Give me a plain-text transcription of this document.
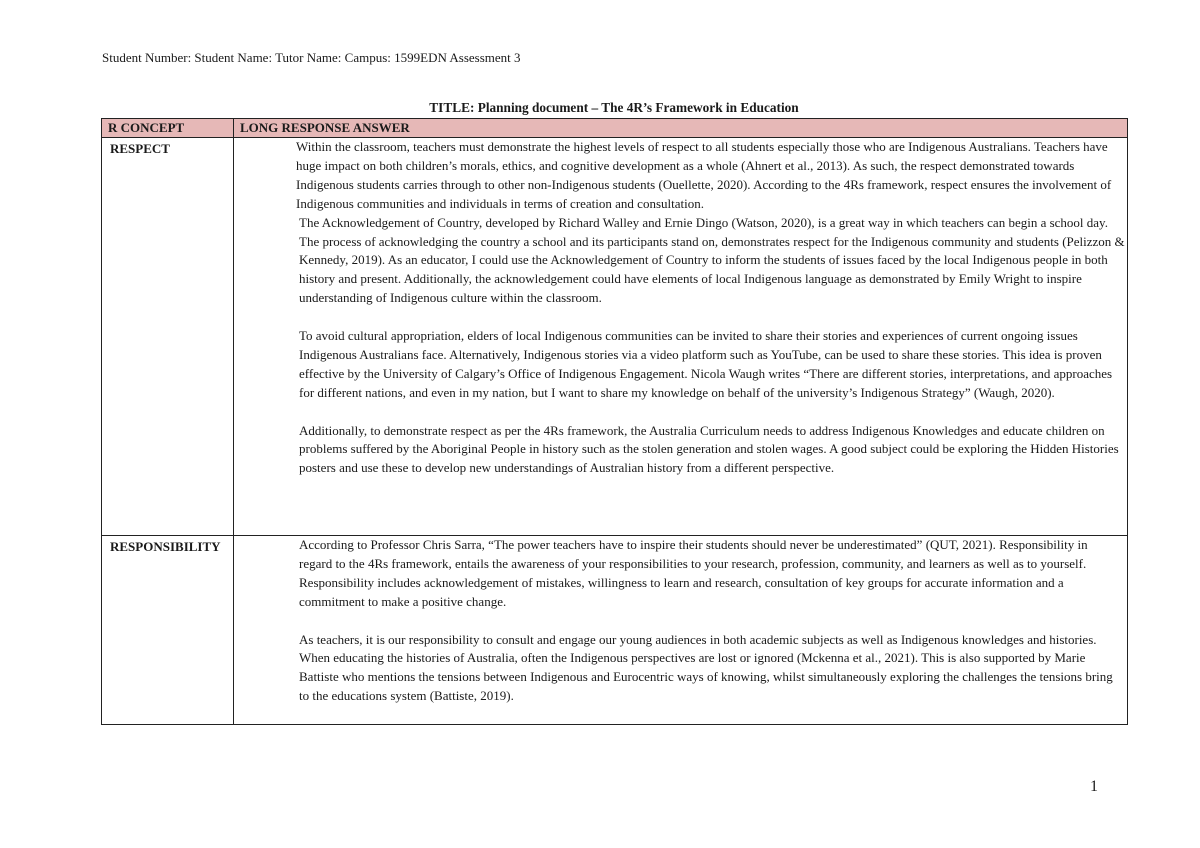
Student Number: Student Name: Tutor Name: Campus: 1599EDN Assessment 3
TITLE: Planning document – The 4R’s Framework in Education
R CONCEPT	LONG RESPONSE ANSWER
RESPECT	Within the classroom, teachers must demonstrate the highest levels of respect to all students especially those who are Indigenous Australians. Teachers have huge impact on both children’s morals, ethics, and cognitive development as a whole (Ahnert et al., 2013). As such, the respect demonstrated towards Indigenous students carries through to other non-Indigenous students (Ouellette, 2020). According to the 4Rs framework, respect ensures the involvement of Indigenous communities and individuals in terms of creation and consultation.

The Acknowledgement of Country, developed by Richard Walley and Ernie Dingo (Watson, 2020), is a great way in which teachers can begin a school day. The process of acknowledging the country a school and its participants stand on, demonstrates respect for the Indigenous community and students (Pelizzon & Kennedy, 2019). As an educator, I could use the Acknowledgement of Country to inform the students of issues faced by the local Indigenous people in both history and present. Additionally, the acknowledgement could have elements of local Indigenous language as demonstrated by Emily Wright to inspire understanding of Indigenous culture within the classroom.

To avoid cultural appropriation, elders of local Indigenous communities can be invited to share their stories and experiences of current ongoing issues Indigenous Australians face. Alternatively, Indigenous stories via a video platform such as YouTube, can be used to share these stories. This idea is proven effective by the University of Calgary’s Office of Indigenous Engagement. Nicola Waugh writes “There are different stories, interpretations, and approaches for different nations, and even in my nation, but I want to share my knowledge on behalf of the university’s Indigenous Strategy” (Waugh, 2020).

Additionally, to demonstrate respect as per the 4Rs framework, the Australia Curriculum needs to address Indigenous Knowledges and educate children on problems suffered by the Aboriginal People in history such as the stolen generation and stolen wages. A good subject could be exploring the Hidden Histories posters and use these to develop new understandings of Australian history from a different perspective.

RESPONSIBILITY	According to Professor Chris Sarra, “The power teachers have to inspire their students should never be underestimated” (QUT, 2021). Responsibility in regard to the 4Rs framework, entails the awareness of your responsibilities to your research, profession, community, and learners as well as to yourself. Responsibility includes acknowledgement of mistakes, willingness to learn and research, consultation of key groups for accurate information and a commitment to make a positive change.

As teachers, it is our responsibility to consult and engage our young audiences in both academic subjects as well as Indigenous knowledges and histories. When educating the histories of Australia, often the Indigenous perspectives are lost or ignored (Mckenna et al., 2021). This is also supported by Marie Battiste who mentions the tensions between Indigenous and Eurocentric ways of knowing, whilst simultaneously exploring the challenges the tensions bring to the educations system (Battiste, 2019).

1
